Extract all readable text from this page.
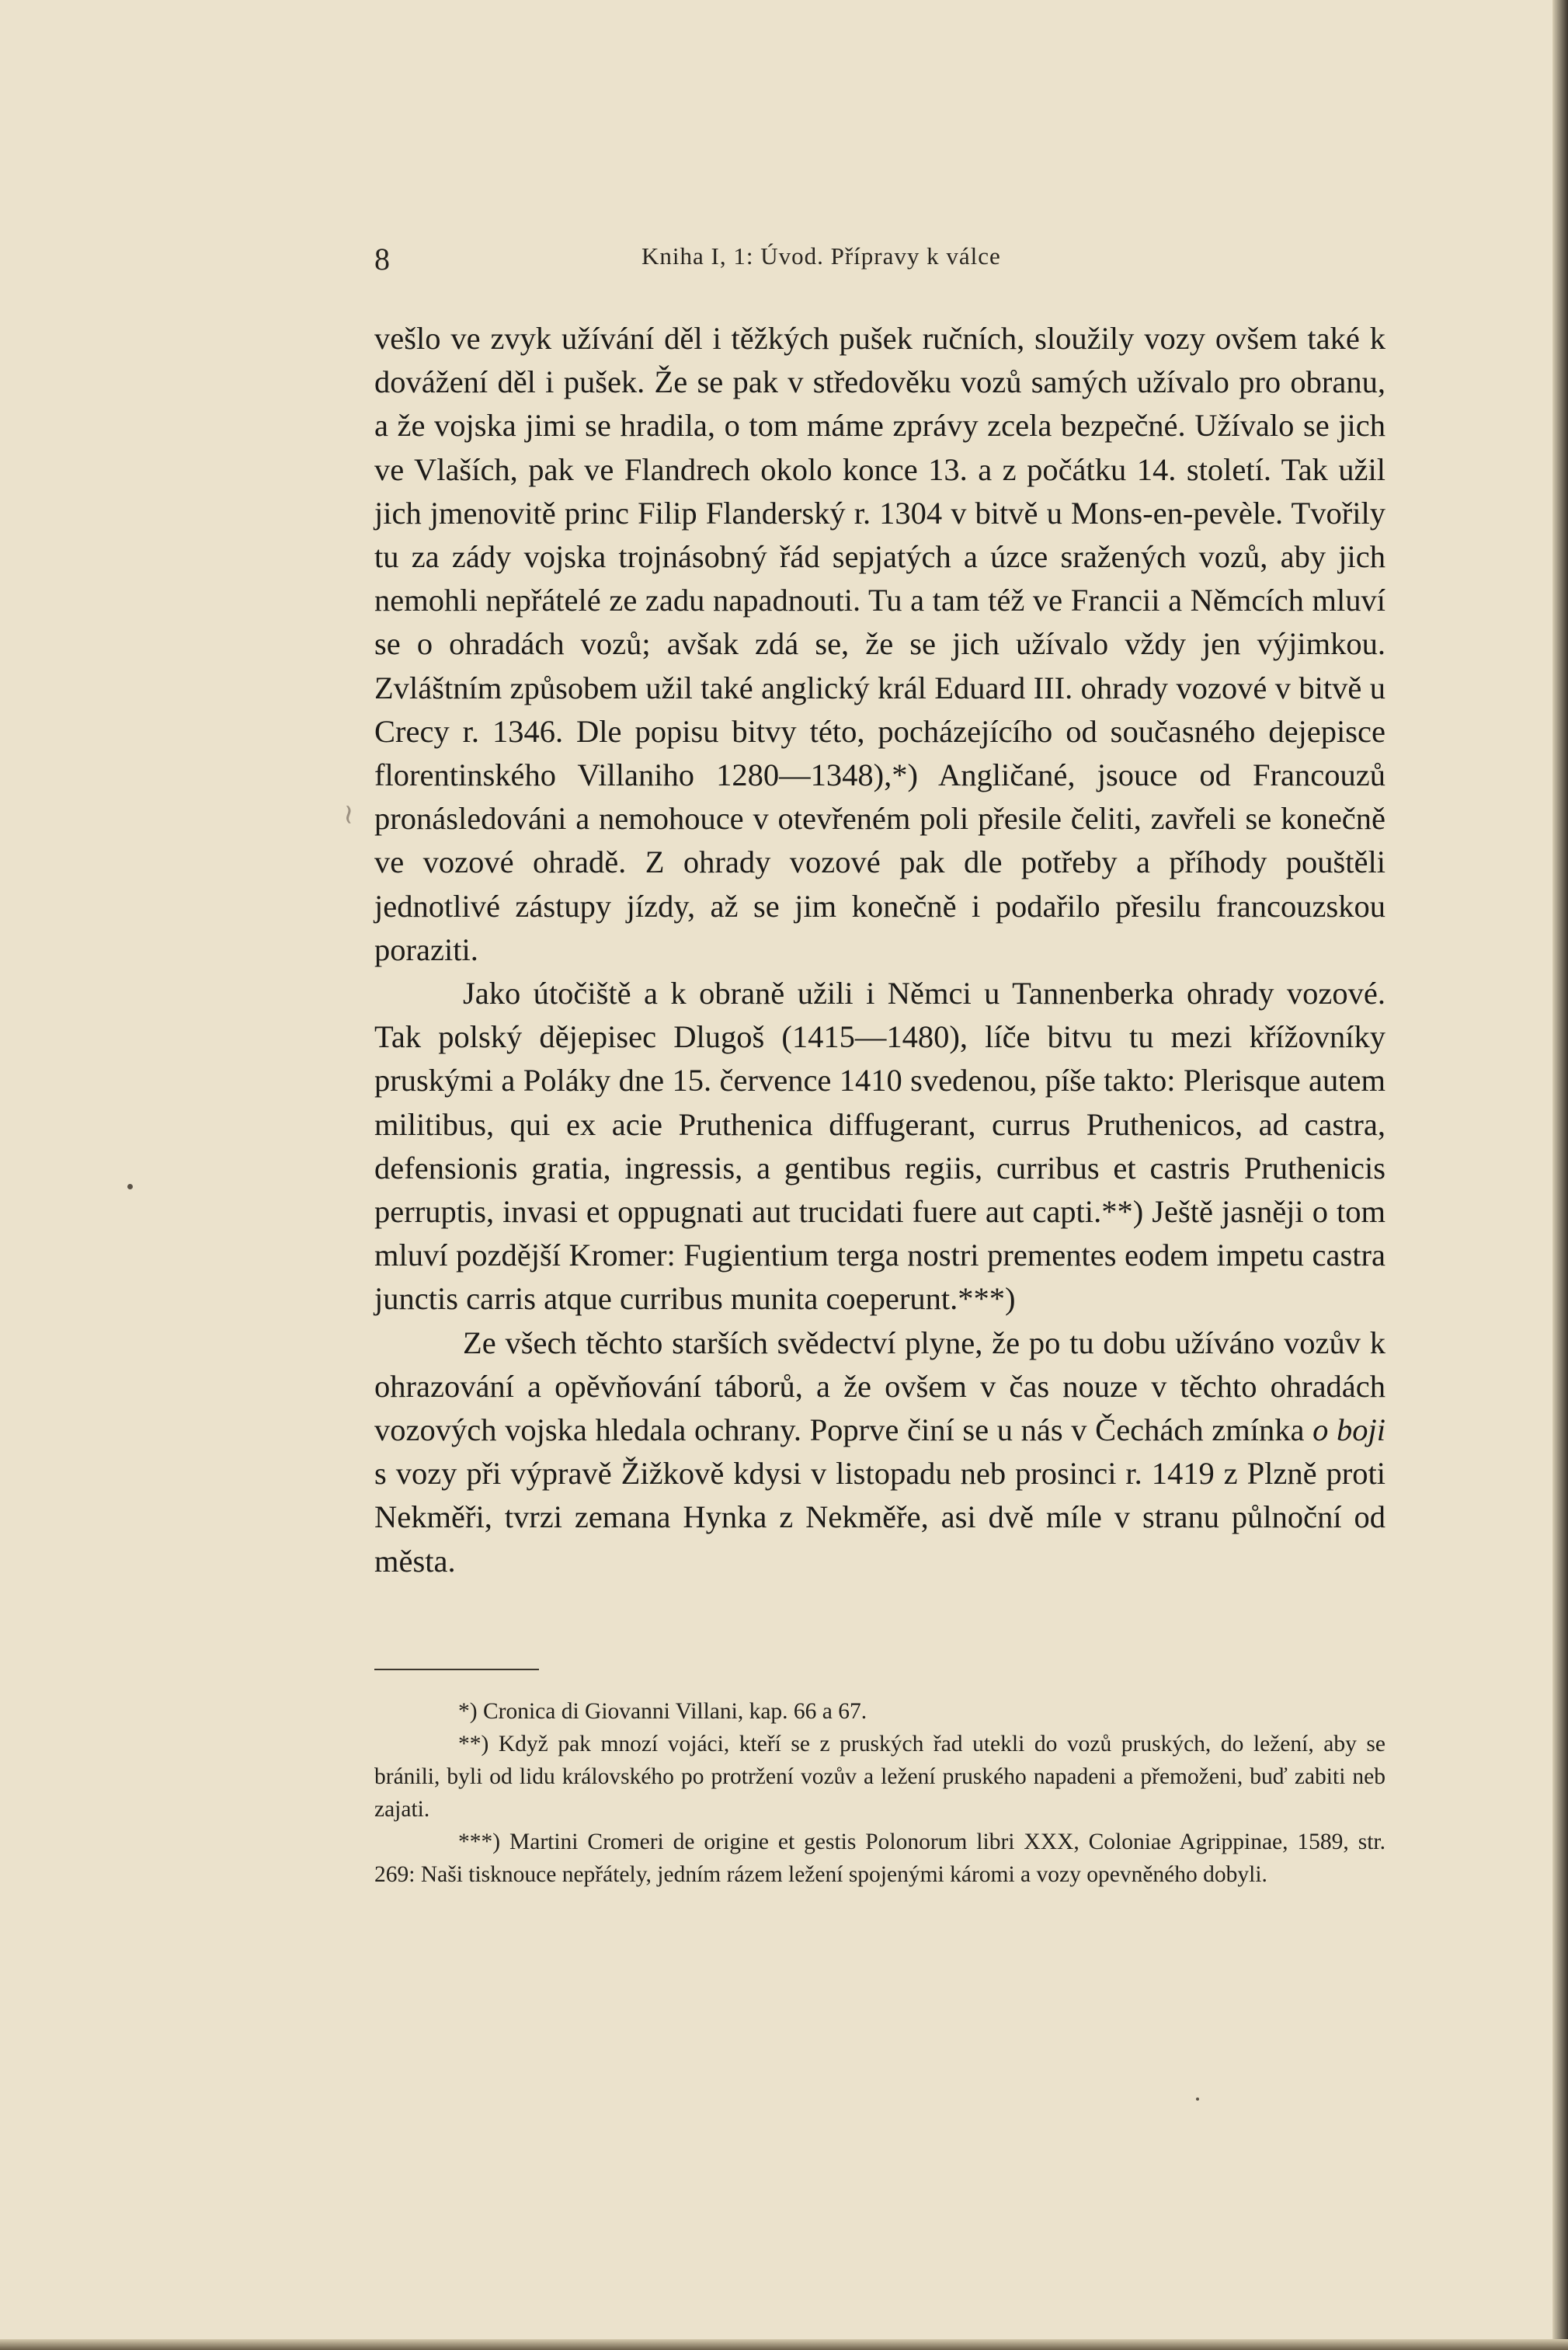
8	Kniha I, 1: Úvod. Přípravy k válce
~

vešlo ve zvyk užívání děl i těžkých pušek ručních, sloužily vozy ovšem také k dovážení děl i pušek. Že se pak v středověku vozů samých užívalo pro obranu, a že vojska jimi se hradila, o tom máme zprávy zcela bezpečné. Užívalo se jich ve Vlaších, pak ve Flandrech okolo konce 13. a z počátku 14. století. Tak užil jich jmenovitě princ Filip Flanderský r. 1304 v bitvě u Mons-en-pevèle. Tvořily tu za zády vojska trojnásobný řád sepjatých a úzce sražených vozů, aby jich nemohli nepřátelé ze zadu napadnouti. Tu a tam též ve Francii a Němcích mluví se o ohradách vozů; avšak zdá se, že se jich užívalo vždy jen výjimkou. Zvláštním způsobem užil také anglický král Eduard III. ohrady vozové v bitvě u Crecy r. 1346. Dle popisu bitvy této, pocházejícího od současného dejepisce florentinského Villaniho 1280—1348),*) Angličané, jsouce od Francouzů pronásledováni a nemohouce v otevřeném poli přesile čeliti, zavřeli se konečně ve vozové ohradě. Z ohrady vozové pak dle potřeby a příhody pouštěli jednotlivé zástupy jízdy, až se jim konečně i podařilo přesilu francouzskou poraziti.

Jako útočiště a k obraně užili i Němci u Tannenberka ohrady vozové. Tak polský dějepisec Dlugoš (1415—1480), líče bitvu tu mezi křížovníky pruskými a Poláky dne 15. července 1410 svedenou, píše takto: Plerisque autem militibus, qui ex acie Pruthenica diffugerant, currus Pruthenicos, ad castra, defensionis gratia, ingressis, a gentibus regiis, curribus et castris Pruthenicis perruptis, invasi et oppugnati aut trucidati fuere aut capti.**) Ještě jasněji o tom mluví pozdější Kromer: Fugientium terga nostri prementes eodem impetu castra junctis carris atque curribus munita coeperunt.***)

Ze všech těchto starších svědectví plyne, že po tu dobu užíváno vozův k ohrazování a opěvňování táborů, a že ovšem v čas nouze v těchto ohradách vozových vojska hledala ochrany. Poprve činí se u nás v Čechách zmínka o boji s vozy při výpravě Žižkově kdysi v listopadu neb prosinci r. 1419 z Plzně proti Nekměři, tvrzi zemana Hynka z Nekměře, asi dvě míle v stranu půlnoční od města.

*) Cronica di Giovanni Villani, kap. 66 a 67.

**) Když pak mnozí vojáci, kteří se z pruských řad utekli do vozů pruských, do ležení, aby se bránili, byli od lidu královského po protržení vozův a ležení pruského napadeni a přemoženi, buď zabiti neb zajati.

***) Martini Cromeri de origine et gestis Polonorum libri XXX, Coloniae Agrippinae, 1589, str. 269: Naši tisknouce nepřátely, jedním rázem ležení spojenými káromi a vozy opevněného dobyli.
